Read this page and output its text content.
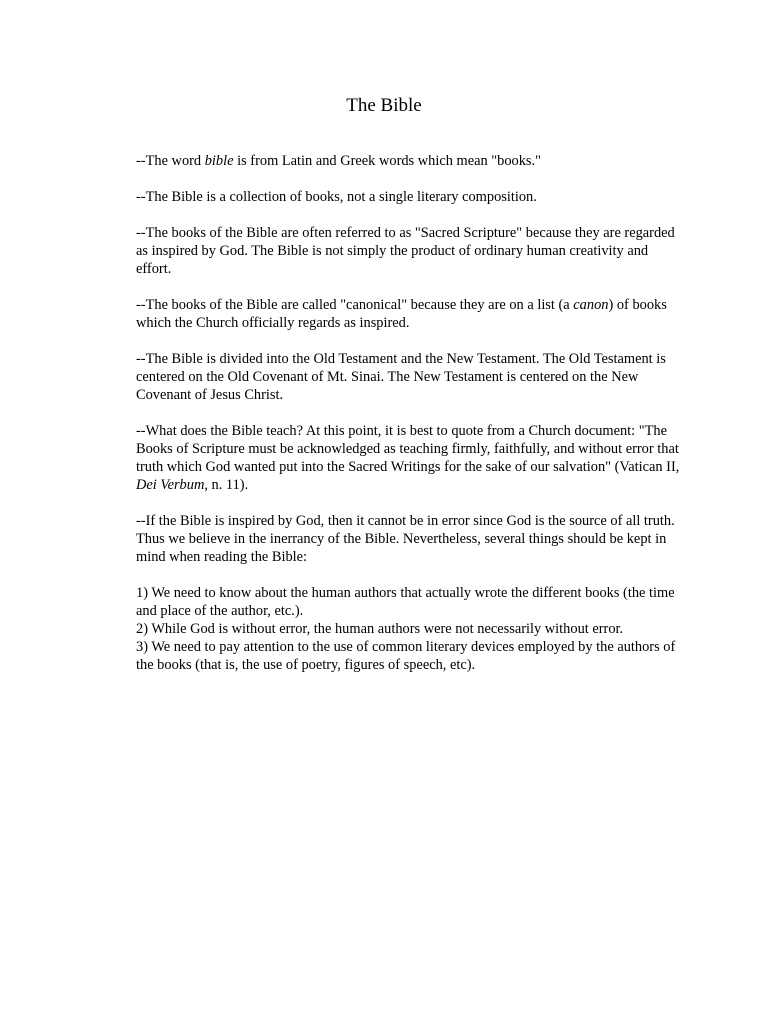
The Bible

--The word bible is from Latin and Greek words which mean "books."

--The Bible is a collection of books, not a single literary composition.

--The books of the Bible are often referred to as "Sacred Scripture" because they are regarded as inspired by God. The Bible is not simply the product of ordinary human creativity and effort.

--The books of the Bible are called "canonical" because they are on a list (a canon) of books which the Church officially regards as inspired.

--The Bible is divided into the Old Testament and the New Testament. The Old Testament is centered on the Old Covenant of Mt. Sinai. The New Testament is centered on the New Covenant of Jesus Christ.

--What does the Bible teach? At this point, it is best to quote from a Church document: "The Books of Scripture must be acknowledged as teaching firmly, faithfully, and without error that truth which God wanted put into the Sacred Writings for the sake of our salvation" (Vatican II, Dei Verbum, n. 11).

--If the Bible is inspired by God, then it cannot be in error since God is the source of all truth. Thus we believe in the inerrancy of the Bible. Nevertheless, several things should be kept in mind when reading the Bible:

1) We need to know about the human authors that actually wrote the different books (the time and place of the author, etc.).
2) While God is without error, the human authors were not necessarily without error.
3) We need to pay attention to the use of common literary devices employed by the authors of the books (that is, the use of poetry, figures of speech, etc).
